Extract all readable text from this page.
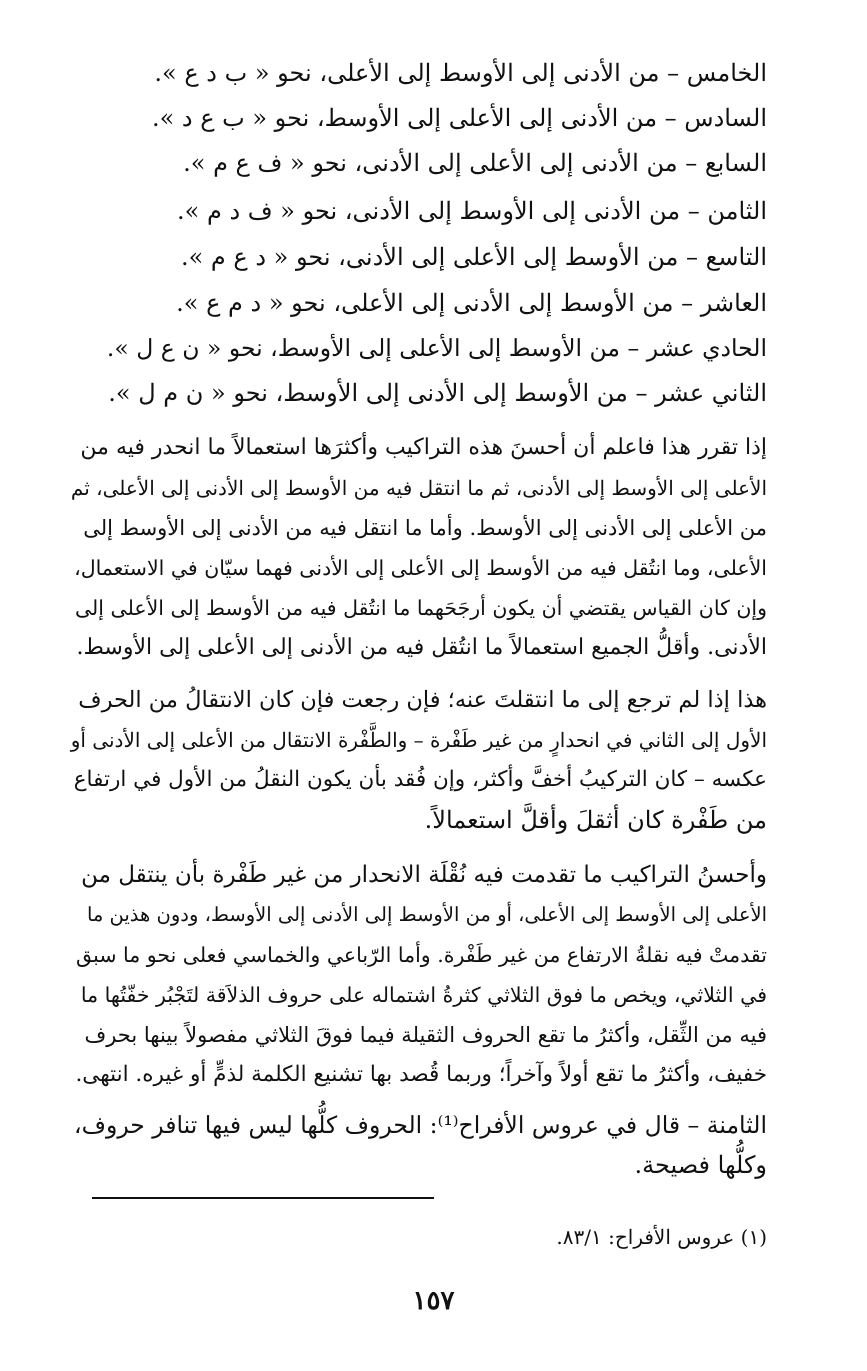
الخامس – من الأدنى إلى الأوسط إلى الأعلى، نحو « ب د ع ».
السادس – من الأدنى إلى الأعلى إلى الأوسط، نحو « ب ع د ».
السابع – من الأدنى إلى الأعلى إلى الأدنى، نحو « ف ع م ».
الثامن – من الأدنى إلى الأوسط إلى الأدنى، نحو « ف د م ».
التاسع – من الأوسط إلى الأعلى إلى الأدنى، نحو « د ع م ».
العاشر – من الأوسط إلى الأدنى إلى الأعلى، نحو « د م ع ».
الحادي عشر – من الأوسط إلى الأعلى إلى الأوسط، نحو « ن ع ل ».
الثاني عشر – من الأوسط إلى الأدنى إلى الأوسط، نحو « ن م ل ».
إذا تقرر هذا فاعلم أن أحسنَ هذه التراكيب وأكثرَها استعمالاً ما انحدر فيه من
الأعلى إلى الأوسط إلى الأدنى، ثم ما انتقل فيه من الأوسط إلى الأدنى إلى الأعلى، ثم
من الأعلى إلى الأدنى إلى الأوسط. وأما ما انتقل فيه من الأدنى إلى الأوسط إلى
الأعلى، وما انتُقل فيه من الأوسط إلى الأعلى إلى الأدنى فهما سيّان في الاستعمال،
وإن كان القياس يقتضي أن يكون أرجَحَهما ما انتُقل فيه من الأوسط إلى الأعلى إلى
الأدنى. وأقلُّ الجميع استعمالاً ما انتُقل فيه من الأدنى إلى الأعلى إلى الأوسط.
هذا إذا لم ترجع إلى ما انتقلتَ عنه؛ فإن رجعت فإن كان الانتقالُ من الحرف
الأول إلى الثاني في انحدارٍ من غير طَفْرة – والطَّفْرة الانتقال من الأعلى إلى الأدنى أو
عكسه – كان التركيبُ أخفَّ وأكثر، وإن فُقد بأن يكون النقلُ من الأول في ارتفاع
من طَفْرة كان أثقلَ وأقلَّ استعمالاً.
وأحسنُ التراكيب ما تقدمت فيه نُقْلَة الانحدار من غير طَفْرة بأن ينتقل من
الأعلى إلى الأوسط إلى الأعلى، أو من الأوسط إلى الأدنى إلى الأوسط، ودون هذين ما
تقدمتْ فيه نقلةُ الارتفاع من غير طَفْرة. وأما الرّباعي والخماسي فعلى نحو ما سبق
في الثلاثي، ويخص ما فوق الثلاثي كثرةُ اشتماله على حروف الذلاَقة لتَجْبُر خفّتُها ما
فيه من الثِّقل، وأكثرُ ما تقع الحروف الثقيلة فيما فوقَ الثلاثي مفصولاً بينها بحرف
خفيف، وأكثرُ ما تقع أولاً وآخراً؛ وربما قُصد بها تشنيع الكلمة لذمٍّ أو غيره. انتهى.
الثامنة – قال في عروس الأفراح⁽¹⁾: الحروف كلُّها ليس فيها تنافر حروف،
وكلُّها فصيحة.
(١) عروس الأفراح: ٨٣/١.
١٥٧
